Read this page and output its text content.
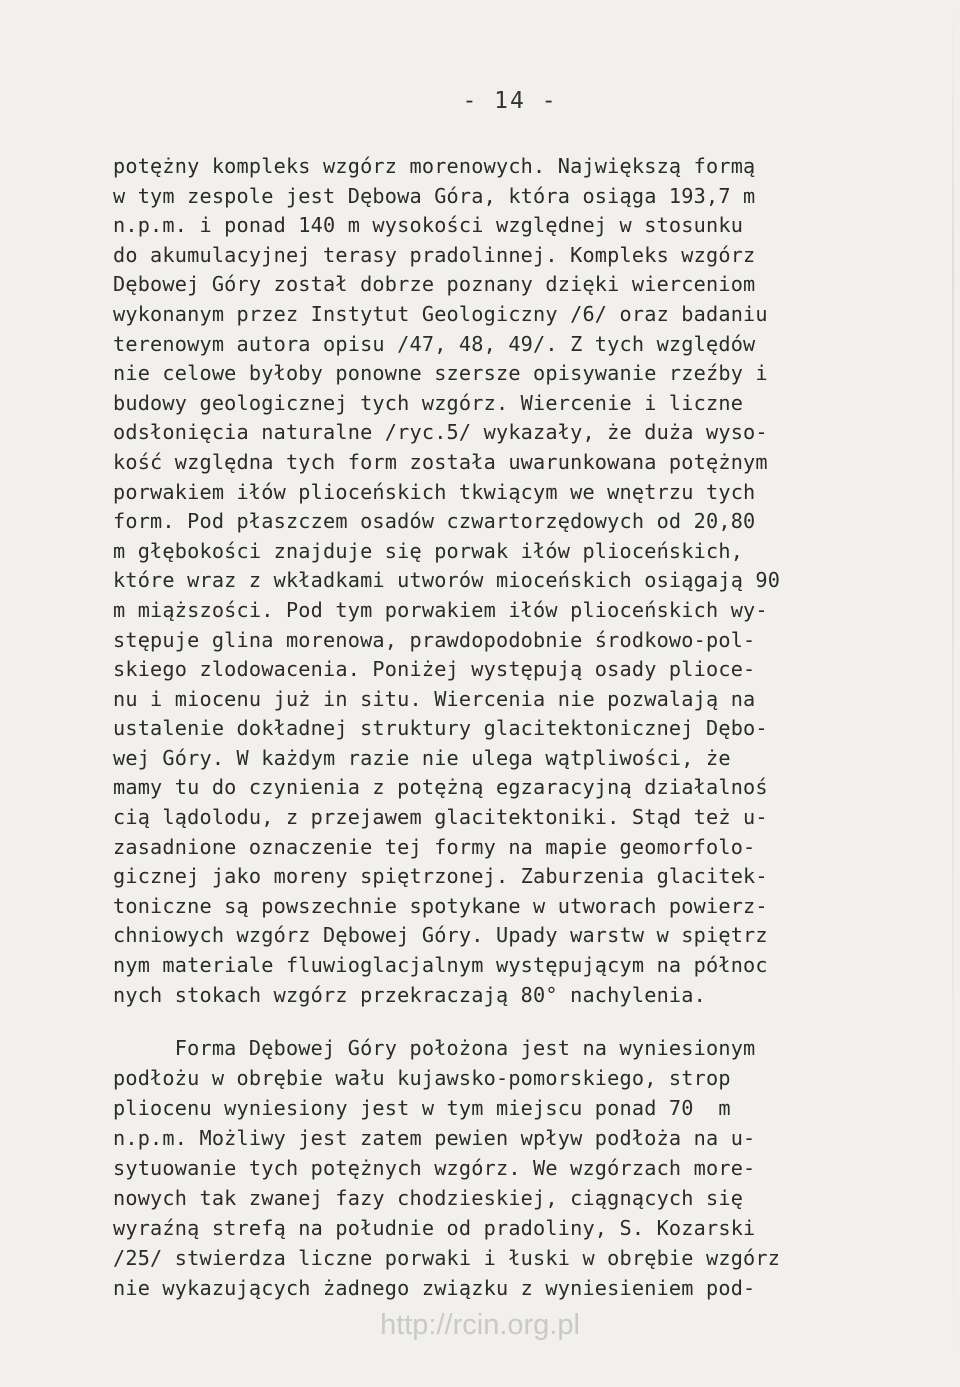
- 14 -
potężny kompleks wzgórz morenowych. Największą formą
w tym zespole jest Dębowa Góra, która osiąga 193,7 m
n.p.m. i ponad 140 m wysokości względnej w stosunku
do akumulacyjnej terasy pradolinnej. Kompleks wzgórz
Dębowej Góry został dobrze poznany dzięki wierceniom
wykonanym przez Instytut Geologiczny /6/ oraz badaniu
terenowym autora opisu /47, 48, 49/. Z tych względów
nie celowe byłoby ponowne szersze opisywanie rzeźby i
budowy geologicznej tych wzgórz. Wiercenie i liczne
odsłonięcia naturalne /ryc.5/ wykazały, że duża wyso-
kość względna tych form została uwarunkowana potężnym
porwakiem iłów plioceńskich tkwiącym we wnętrzu tych
form. Pod płaszczem osadów czwartorzędowych od 20,80
m głębokości znajduje się porwak iłów plioceńskich,
które wraz z wkładkami utworów mioceńskich osiągają 90
m miąższości. Pod tym porwakiem iłów plioceńskich wy-
stępuje glina morenowa, prawdopodobnie środkowo-pol-
skiego zlodowacenia. Poniżej występują osady plioce-
nu i miocenu już in situ. Wiercenia nie pozwalają na
ustalenie dokładnej struktury glacitektonicznej Dębo-
wej Góry. W każdym razie nie ulega wątpliwości, że
mamy tu do czynienia z potężną egzaracyjną działalnoś
cią lądolodu, z przejawem glacitektoniki. Stąd też u-
zasadnione oznaczenie tej formy na mapie geomorfolo-
gicznej jako moreny spiętrzonej. Zaburzenia glacitek-
toniczne są powszechnie spotykane w utworach powierz-
chniowych wzgórz Dębowej Góry. Upady warstw w spiętrz
nym materiale fluwioglacjalnym występującym na północ
nych stokach wzgórz przekraczają 80° nachylenia.
Forma Dębowej Góry położona jest na wyniesionym
podłożu w obrębie wału kujawsko-pomorskiego, strop
pliocenu wyniesiony jest w tym miejscu ponad 70  m
n.p.m. Możliwy jest zatem pewien wpływ podłoża na u-
sytuowanie tych potężnych wzgórz. We wzgórzach more-
nowych tak zwanej fazy chodzieskiej, ciągnących się
wyraźną strefą na południe od pradoliny, S. Kozarski
/25/ stwierdza liczne porwaki i łuski w obrębie wzgórz
nie wykazujących żadnego związku z wyniesieniem pod-
http://rcin.org.pl
